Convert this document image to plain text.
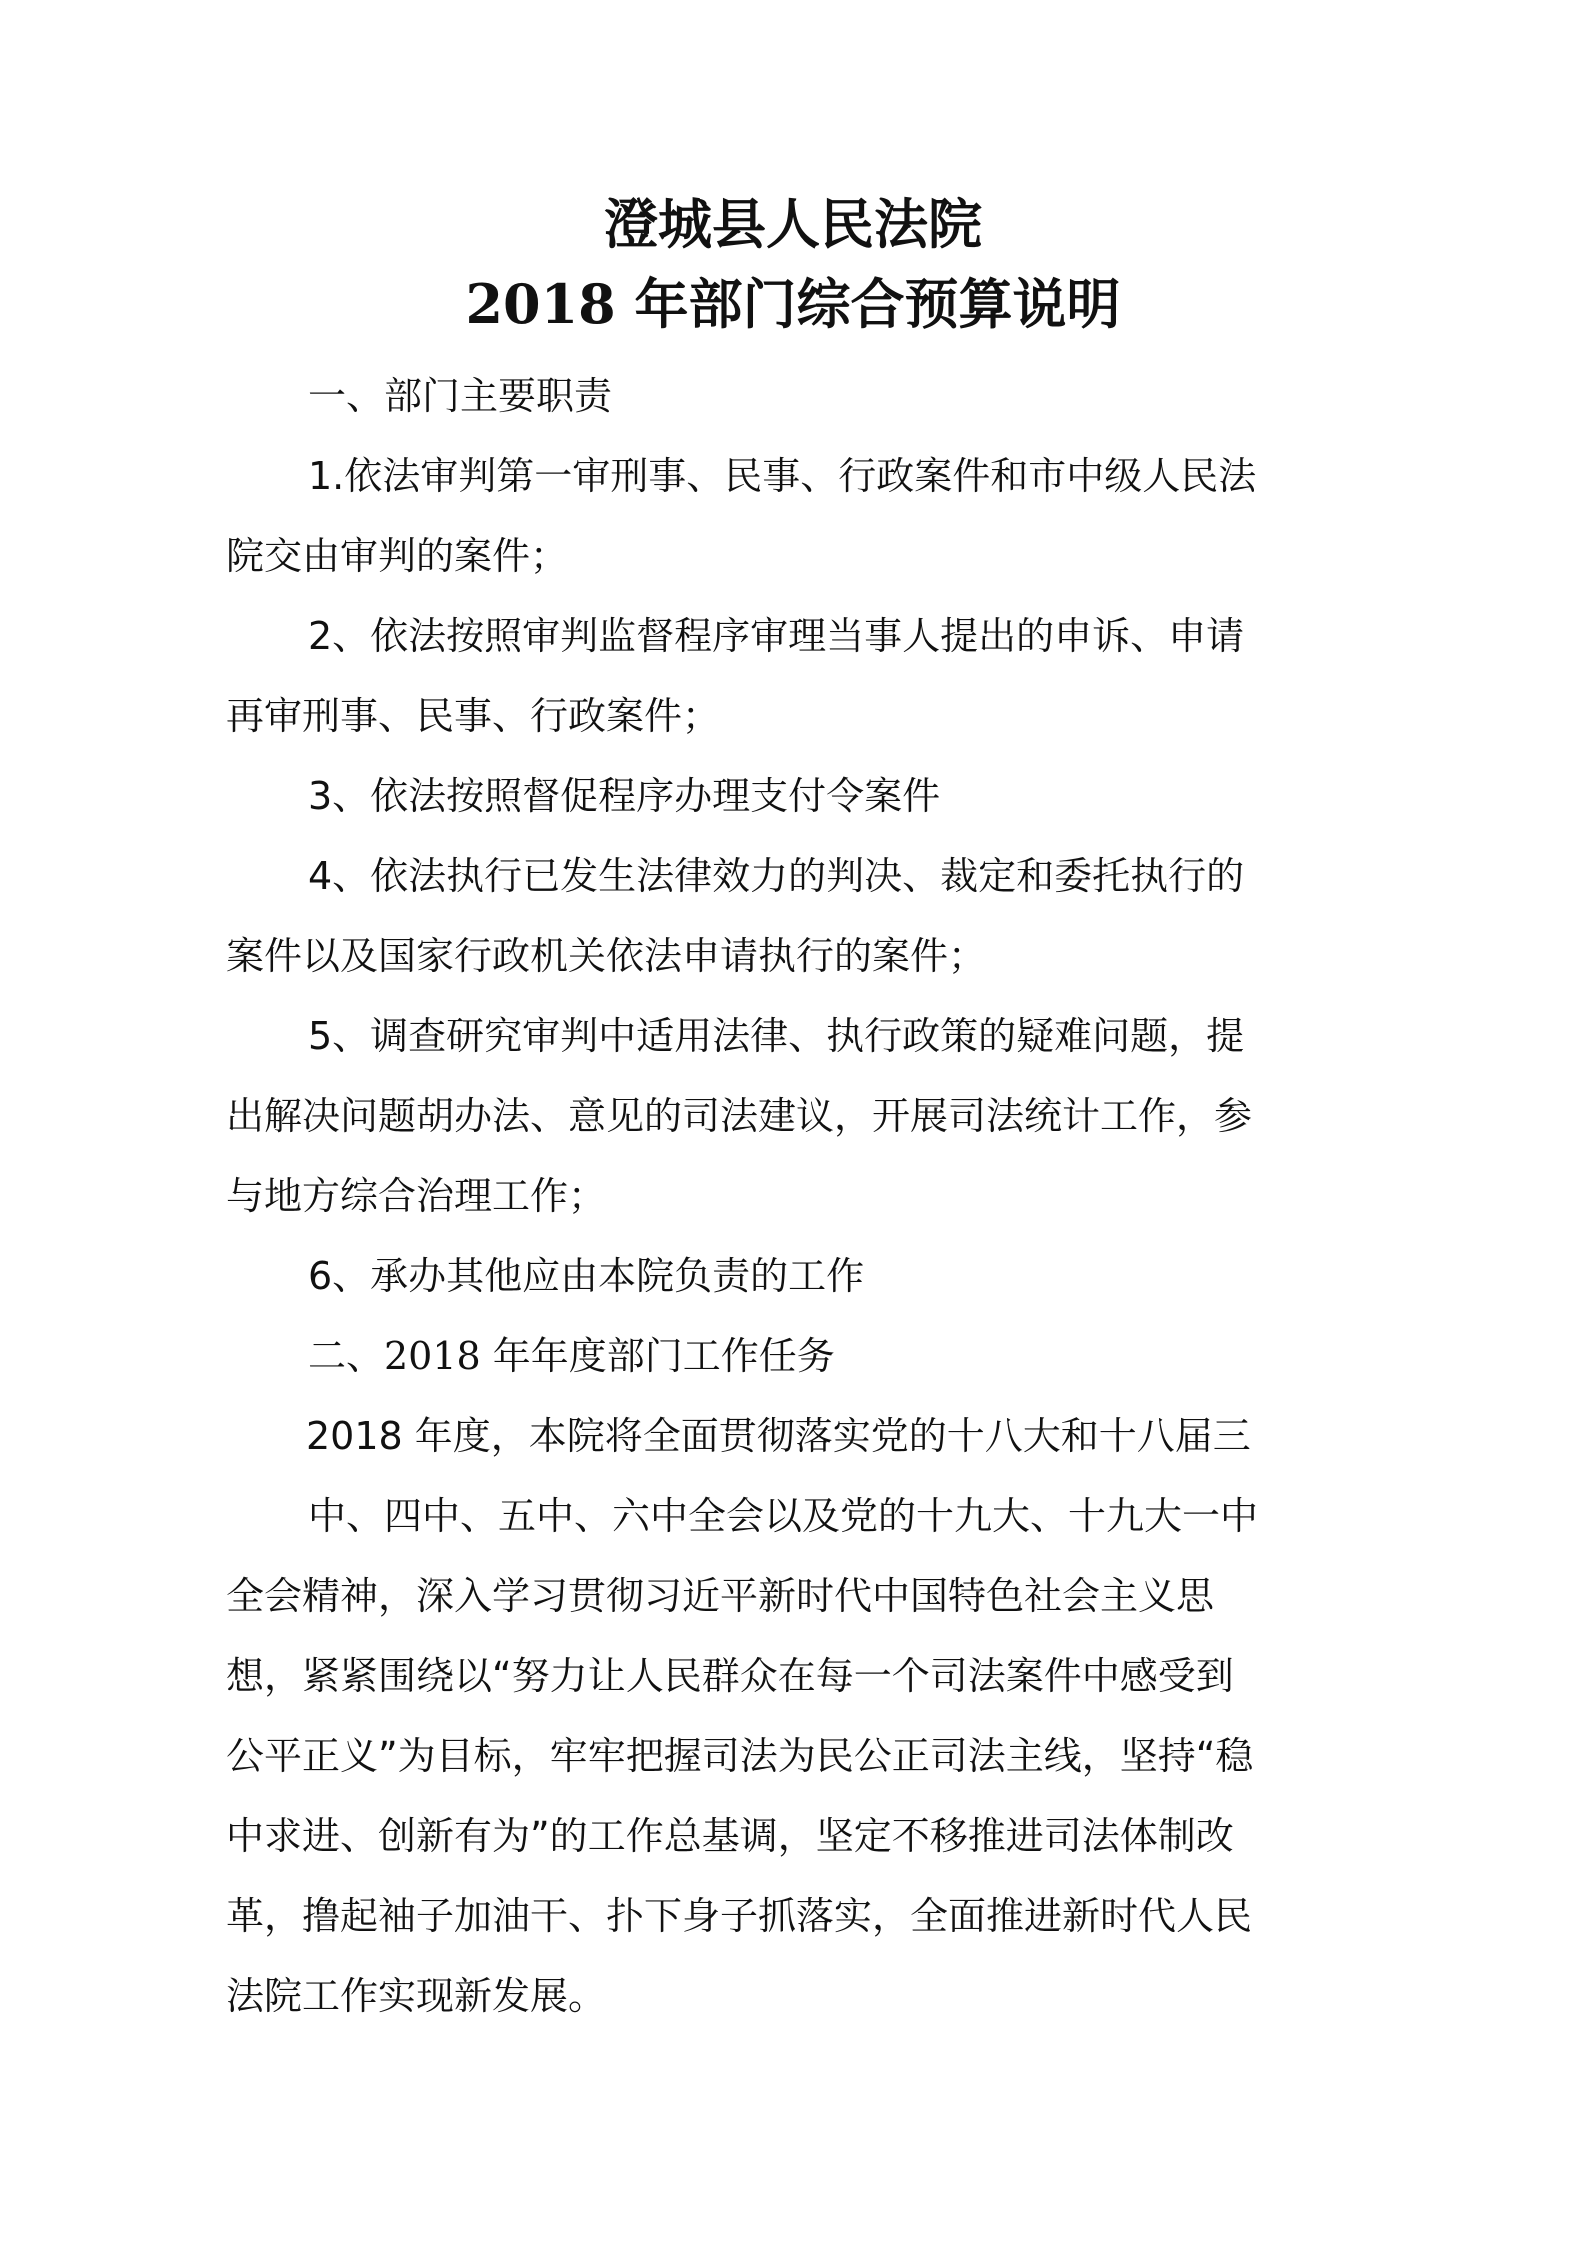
澄城县人民法院
2018 年部门综合预算说明
一、部门主要职责
1.依法审判第一审刑事、民事、行政案件和市中级人民法
院交由审判的案件；
2、依法按照审判监督程序审理当事人提出的申诉、申请
再审刑事、民事、行政案件；
3、依法按照督促程序办理支付令案件
4、依法执行已发生法律效力的判决、裁定和委托执行的
案件以及国家行政机关依法申请执行的案件；
5、调查研究审判中适用法律、执行政策的疑难问题，提
出解决问题胡办法、意见的司法建议，开展司法统计工作，参
与地方综合治理工作；
6、承办其他应由本院负责的工作
二、2018 年年度部门工作任务
2018 年度，本院将全面贯彻落实党的十八大和十八届三
中、四中、五中、六中全会以及党的十九大、十九大一中
全会精神，深入学习贯彻习近平新时代中国特色社会主义思
想，紧紧围绕以“努力让人民群众在每一个司法案件中感受到
公平正义”为目标，牢牢把握司法为民公正司法主线，坚持“稳
中求进、创新有为”的工作总基调，坚定不移推进司法体制改
革，撸起袖子加油干、扑下身子抓落实，全面推进新时代人民
法院工作实现新发展。
